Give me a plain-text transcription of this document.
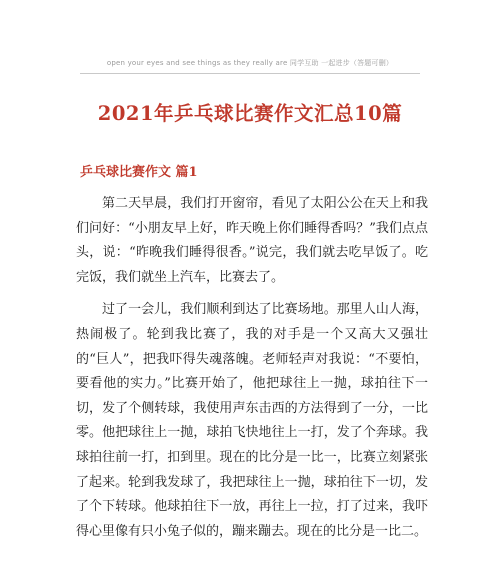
open your eyes and see things as they really are 同学互助 一起进步（答题可删）
2021年乒乓球比赛作文汇总10篇
乒乓球比赛作文 篇1

第二天早晨，我们打开窗帘，看见了太阳公公在天上和我们问好：“小朋友早上好，昨天晚上你们睡得香吗？”我们点点头，说：“昨晚我们睡得很香。”说完，我们就去吃早饭了。吃完饭，我们就坐上汽车，比赛去了。

过了一会儿，我们顺利到达了比赛场地。那里人山人海，热闹极了。轮到我比赛了，我的对手是一个又高大又强壮的“巨人”，把我吓得失魂落魄。老师轻声对我说：“不要怕，要看他的实力。”比赛开始了，他把球往上一抛，球拍往下一切，发了个侧转球，我使用声东击西的方法得到了一分，一比零。他把球往上一抛，球拍飞快地往上一打，发了个奔球。我球拍往前一打，扣到里。现在的比分是一比一，比赛立刻紧张了起来。轮到我发球了，我把球往上一抛，球拍往下一切，发了个下转球。他球拍往下一放，再往上一拉，打了过来，我吓得心里像有只小兔子似的，蹦来蹦去。现在的比分是一比二。
